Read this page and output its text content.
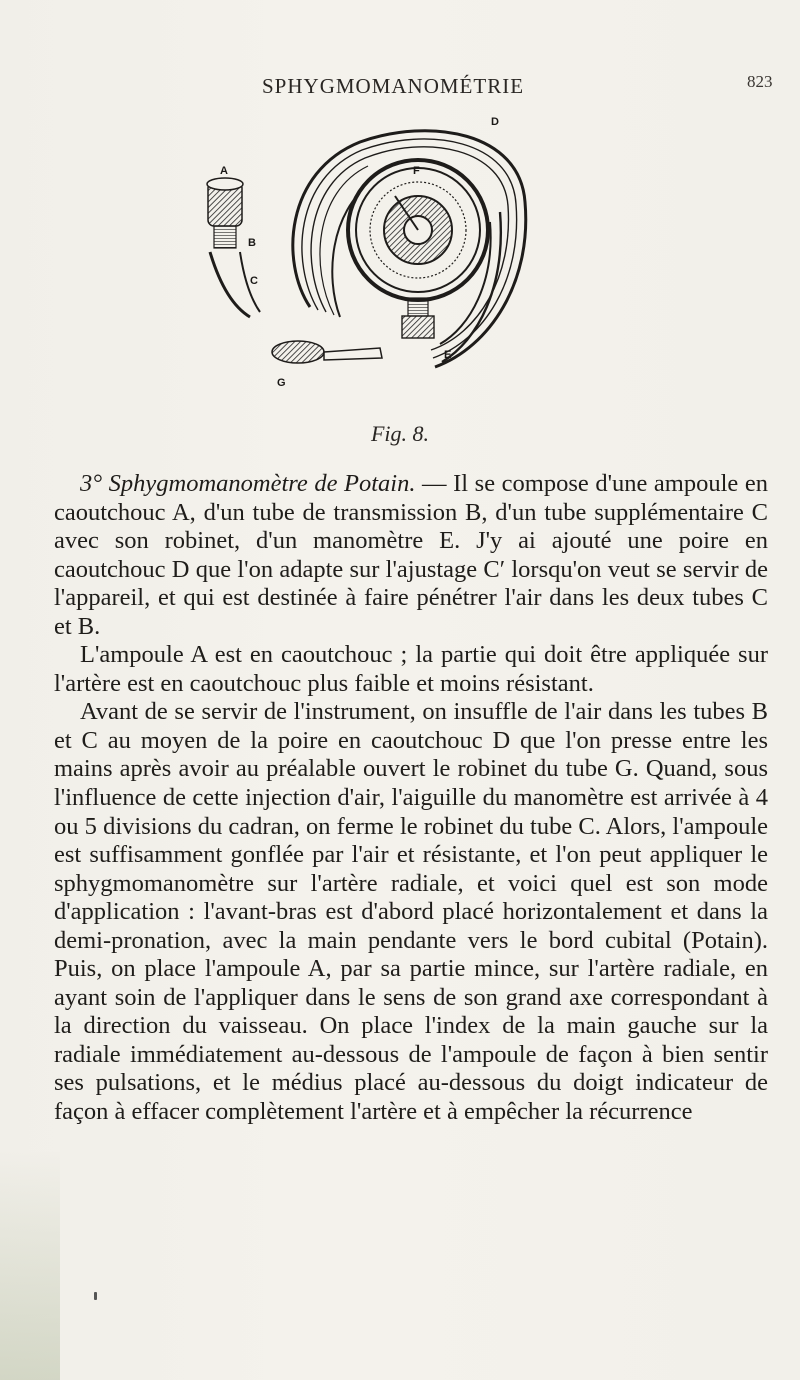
SPHYGMOMANOMÉTRIE	823
A
B
C
D
E
F
G
Fig. 8.

3° Sphygmomanomètre de Potain. — Il se compose d'une ampoule en caoutchouc A, d'un tube de transmission B, d'un tube supplémentaire C avec son robinet, d'un manomètre E. J'y ai ajouté une poire en caoutchouc D que l'on adapte sur l'ajustage C′ lorsqu'on veut se servir de l'appareil, et qui est destinée à faire pénétrer l'air dans les deux tubes C et B.

L'ampoule A est en caoutchouc ; la partie qui doit être appliquée sur l'artère est en caoutchouc plus faible et moins résistant.

Avant de se servir de l'instrument, on insuffle de l'air dans les tubes B et C au moyen de la poire en caoutchouc D que l'on presse entre les mains après avoir au préalable ouvert le robinet du tube G. Quand, sous l'influence de cette injection d'air, l'aiguille du manomètre est arrivée à 4 ou 5 divisions du cadran, on ferme le robinet du tube C. Alors, l'ampoule est suffisamment gonflée par l'air et résistante, et l'on peut appliquer le sphygmomanomètre sur l'artère radiale, et voici quel est son mode d'application : l'avant-bras est d'abord placé horizontalement et dans la demi-pronation, avec la main pendante vers le bord cubital (Potain). Puis, on place l'ampoule A, par sa partie mince, sur l'artère radiale, en ayant soin de l'appliquer dans le sens de son grand axe correspondant à la direction du vaisseau. On place l'index de la main gauche sur la radiale immédiatement au-dessous de l'ampoule de façon à bien sentir ses pulsations, et le médius placé au-dessous du doigt indicateur de façon à effacer complètement l'artère et à empêcher la récurrence
